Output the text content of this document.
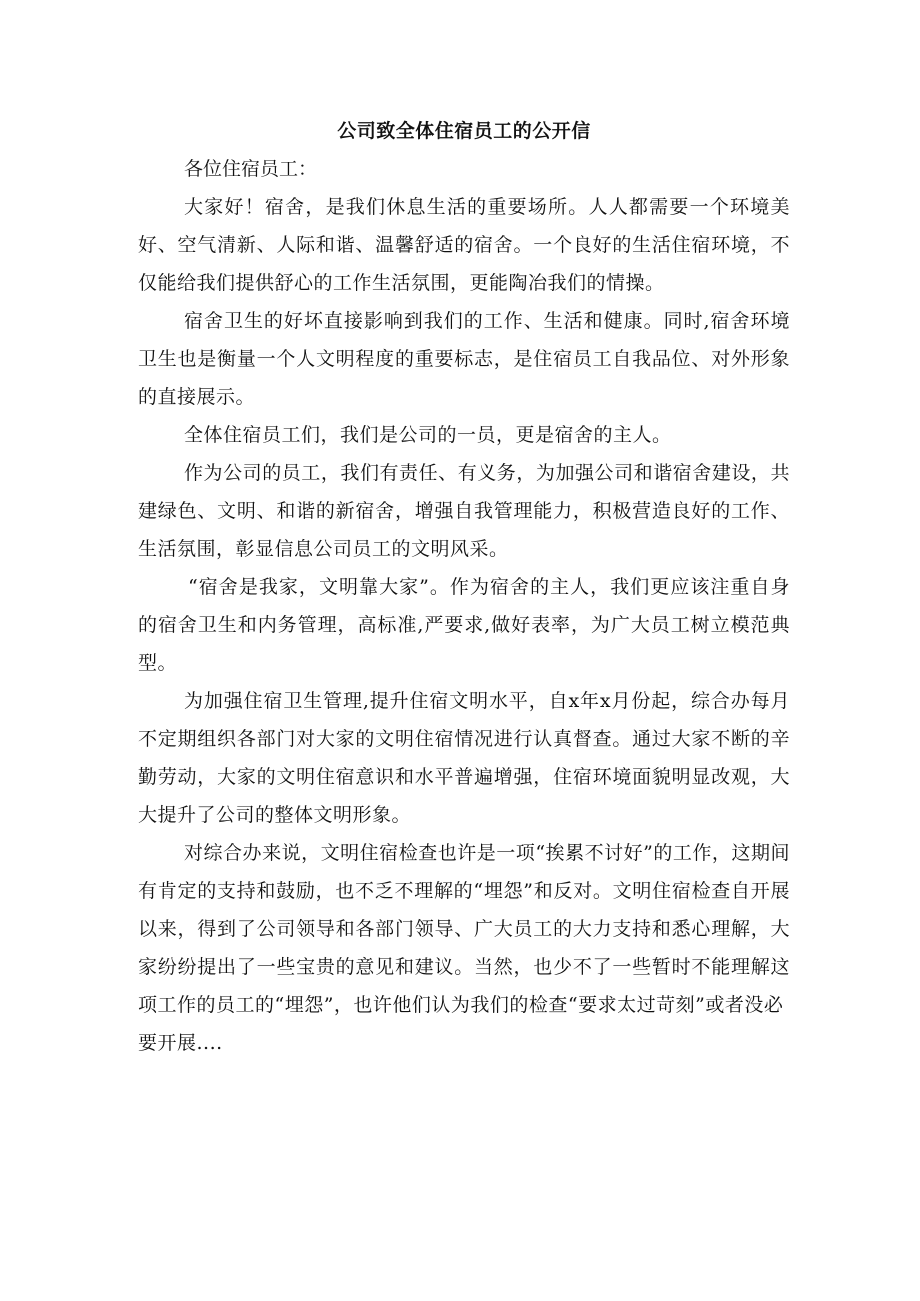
公司致全体住宿员工的公开信

各位住宿员工：

大家好！宿舍，是我们休息生活的重要场所。人人都需要一个环境美好、空气清新、人际和谐、温馨舒适的宿舍。一个良好的生活住宿环境，不仅能给我们提供舒心的工作生活氛围，更能陶冶我们的情操。

宿舍卫生的好坏直接影响到我们的工作、生活和健康。同时,宿舍环境卫生也是衡量一个人文明程度的重要标志，是住宿员工自我品位、对外形象的直接展示。

全体住宿员工们，我们是公司的一员，更是宿舍的主人。

作为公司的员工，我们有责任、有义务，为加强公司和谐宿舍建设，共建绿色、文明、和谐的新宿舍，增强自我管理能力，积极营造良好的工作、生活氛围，彰显信息公司员工的文明风采。

“宿舍是我家，文明靠大家”。作为宿舍的主人，我们更应该注重自身的宿舍卫生和内务管理，高标准,严要求,做好表率，为广大员工树立模范典型。

为加强住宿卫生管理,提升住宿文明水平，自x年x月份起，综合办每月不定期组织各部门对大家的文明住宿情况进行认真督查。通过大家不断的辛勤劳动，大家的文明住宿意识和水平普遍增强，住宿环境面貌明显改观，大大提升了公司的整体文明形象。

对综合办来说，文明住宿检查也许是一项“挨累不讨好”的工作，这期间有肯定的支持和鼓励，也不乏不理解的“埋怨”和反对。文明住宿检查自开展以来，得到了公司领导和各部门领导、广大员工的大力支持和悉心理解，大家纷纷提出了一些宝贵的意见和建议。当然，也少不了一些暂时不能理解这项工作的员工的“埋怨”，也许他们认为我们的检查“要求太过苛刻”或者没必

要开展....
